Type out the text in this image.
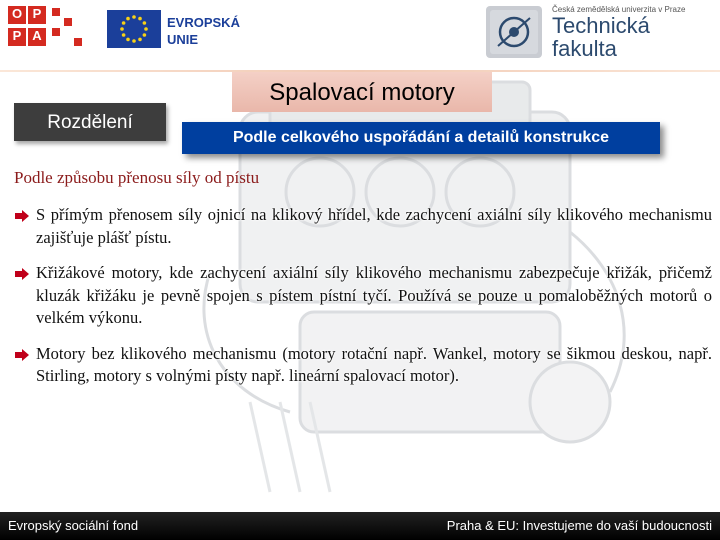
O P
P A
EVROPSKÁ
UNIE
Česká zemědělská univerzita v Praze
Technická
fakulta
Spalovací motory
Rozdělení
Podle celkového uspořádání a detailů konstrukce
Podle způsobu přenosu síly od pístu
S přímým přenosem síly ojnicí na klikový hřídel, kde zachycení axiální síly klikového mechanismu zajišťuje plášť pístu.
Křižákové motory, kde zachycení axiální síly klikového mechanismu zabezpečuje křižák, přičemž kluzák křižáku je pevně spojen s pístem pístní tyčí. Používá se pouze u pomaloběžných motorů o velkém výkonu.
Motory bez klikového mechanismu (motory rotační např. Wankel, motory se šikmou deskou, např. Stirling, motory s volnými písty např. lineární spalovací motor).
Evropský sociální fond	Praha & EU: Investujeme do vaší budoucnosti
